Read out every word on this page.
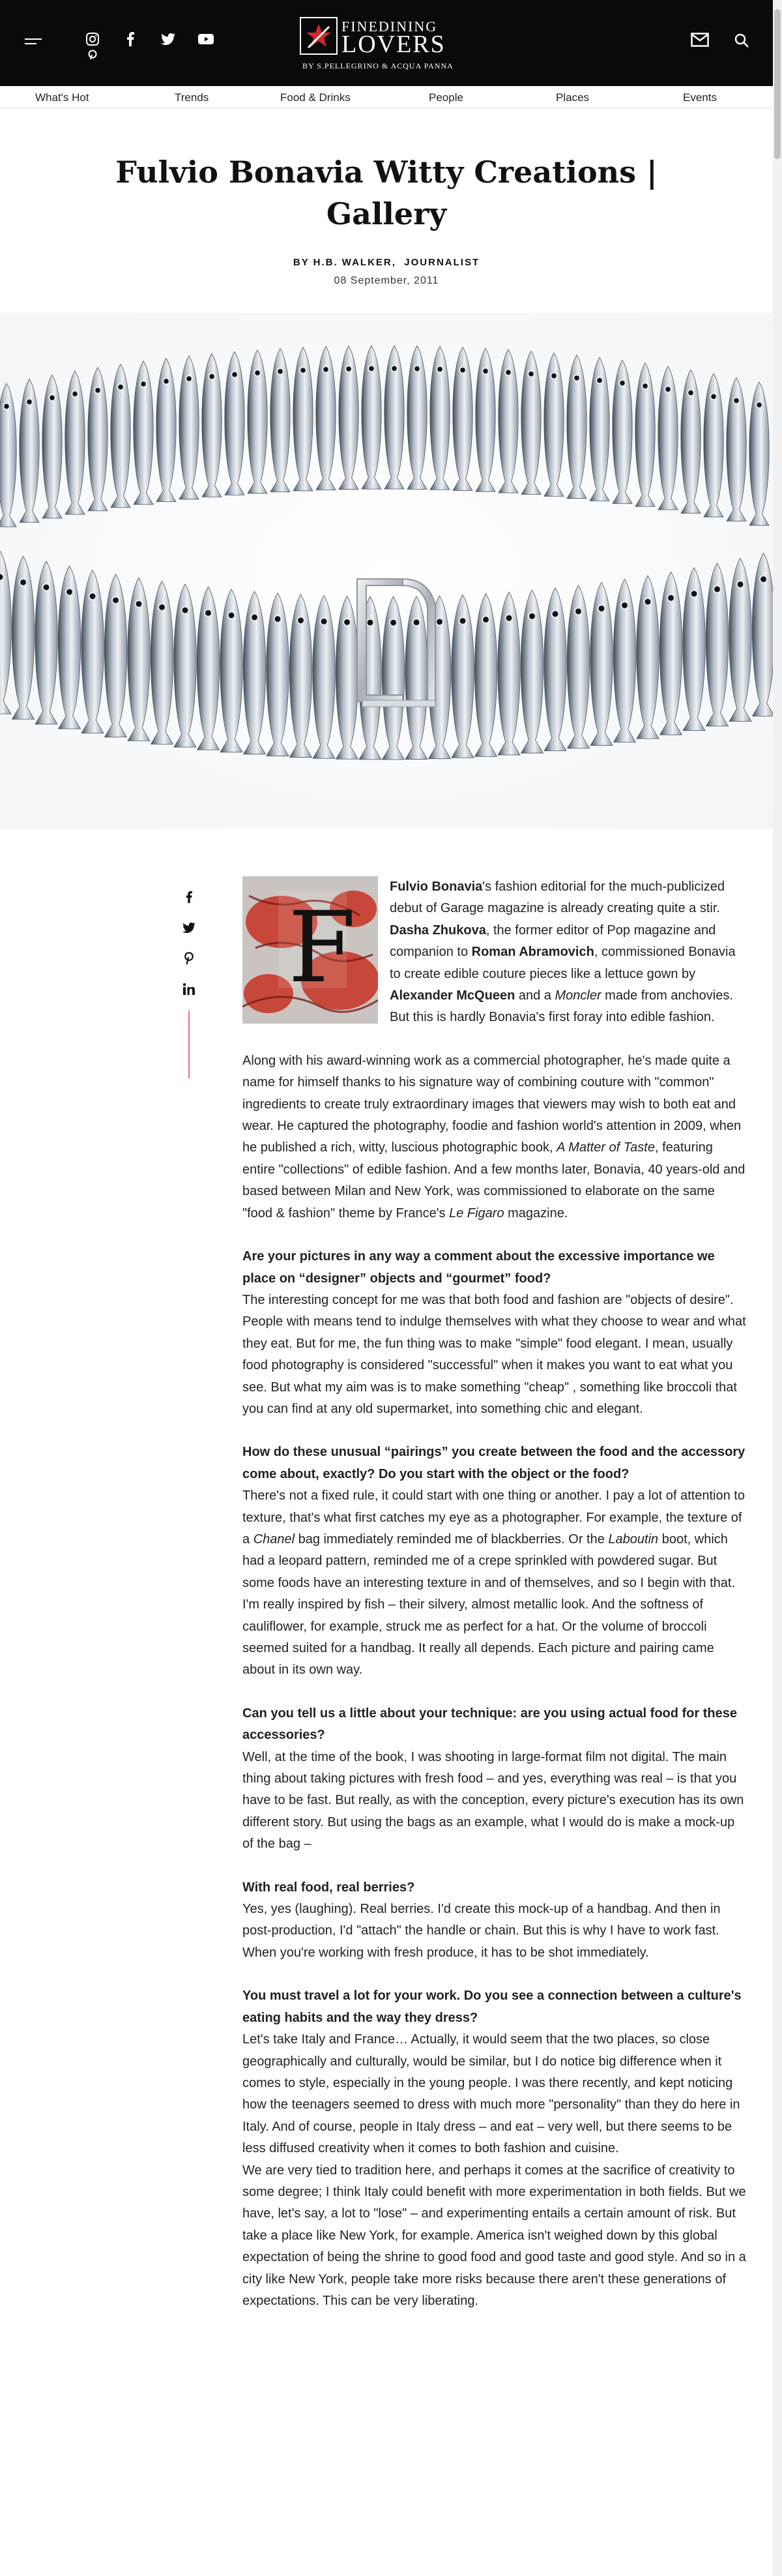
FINEDINING
LOVERS
BY S.PELLEGRINO & ACQUA PANNA
What's Hot	Trends	Food & Drinks	People	Places	Events
Fulvio Bonavia Witty Creations | Gallery
BY H.B. WALKER, JOURNALIST
08 September, 2011
F

Fulvio Bonavia's fashion editorial for the much-publicized debut of Garage magazine is already creating quite a stir. Dasha Zhukova, the former editor of Pop magazine and companion to Roman Abramovich, commissioned Bonavia to create edible couture pieces like a lettuce gown by Alexander McQueen and a Moncler made from anchovies. But this is hardly Bonavia's first foray into edible fashion.

Along with his award-winning work as a commercial photographer, he's made quite a name for himself thanks to his signature way of combining couture with "common" ingredients to create truly extraordinary images that viewers may wish to both eat and wear. He captured the photography, foodie and fashion world's attention in 2009, when he published a rich, witty, luscious photographic book, A Matter of Taste, featuring entire "collections" of edible fashion. And a few months later, Bonavia, 40 years-old and based between Milan and New York, was commissioned to elaborate on the same "food & fashion" theme by France's Le Figaro magazine.

Are your pictures in any way a comment about the excessive importance we place on “designer” objects and “gourmet” food?

The interesting concept for me was that both food and fashion are "objects of desire". People with means tend to indulge themselves with what they choose to wear and what they eat. But for me, the fun thing was to make "simple" food elegant. I mean, usually food photography is considered "successful" when it makes you want to eat what you see. But what my aim was is to make something "cheap" , something like broccoli that you can find at any old supermarket, into something chic and elegant.

How do these unusual “pairings” you create between the food and the accessory come about, exactly? Do you start with the object or the food?

There's not a fixed rule, it could start with one thing or another. I pay a lot of attention to texture, that's what first catches my eye as a photographer. For example, the texture of a Chanel bag immediately reminded me of blackberries. Or the Laboutin boot, which had a leopard pattern, reminded me of a crepe sprinkled with powdered sugar. But some foods have an interesting texture in and of themselves, and so I begin with that. I'm really inspired by fish – their silvery, almost metallic look. And the softness of cauliflower, for example, struck me as perfect for a hat. Or the volume of broccoli seemed suited for a handbag. It really all depends. Each picture and pairing came about in its own way.

Can you tell us a little about your technique: are you using actual food for these accessories?

Well, at the time of the book, I was shooting in large-format film not digital. The main thing about taking pictures with fresh food – and yes, everything was real – is that you have to be fast. But really, as with the conception, every picture's execution has its own different story. But using the bags as an example, what I would do is make a mock-up of the bag –

With real food, real berries?

Yes, yes (laughing). Real berries. I'd create this mock-up of a handbag. And then in post-production, I'd "attach" the handle or chain. But this is why I have to work fast. When you're working with fresh produce, it has to be shot immediately.

You must travel a lot for your work. Do you see a connection between a culture's eating habits and the way they dress?

Let's take Italy and France… Actually, it would seem that the two places, so close geographically and culturally, would be similar, but I do notice big difference when it comes to style, especially in the young people. I was there recently, and kept noticing how the teenagers seemed to dress with much more "personality" than they do here in Italy. And of course, people in Italy dress – and eat – very well, but there seems to be less diffused creativity when it comes to both fashion and cuisine.

We are very tied to tradition here, and perhaps it comes at the sacrifice of creativity to some degree; I think Italy could benefit with more experimentation in both fields. But we have, let's say, a lot to "lose" – and experimenting entails a certain amount of risk. But take a place like New York, for example. America isn't weighed down by this global expectation of being the shrine to good food and good taste and good style. And so in a city like New York, people take more risks because there aren't these generations of expectations. This can be very liberating.
